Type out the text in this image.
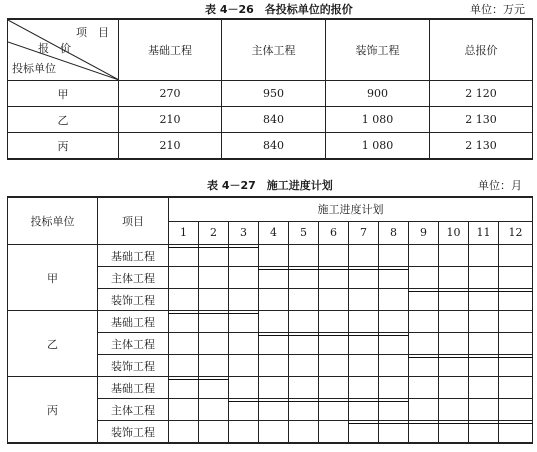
表 4－26　各投标单位的报价	单位：万元
项　目
报　价
投标单位	基础工程	主体工程	装饰工程	总报价
甲	270	950	900	2 120
乙	210	840	1 080	2 130
丙	210	840	1 080	2 130
表 4－27　施工进度计划	单位：月
投标单位	项目	施工进度计划											
		1	2	3	4	5	6	7	8	9	10	11	12
甲	基础工程	

	主体工程				

	装饰工程									

乙	基础工程	

	主体工程				

	装饰工程									

丙	基础工程	

	主体工程			

	装饰工程							
